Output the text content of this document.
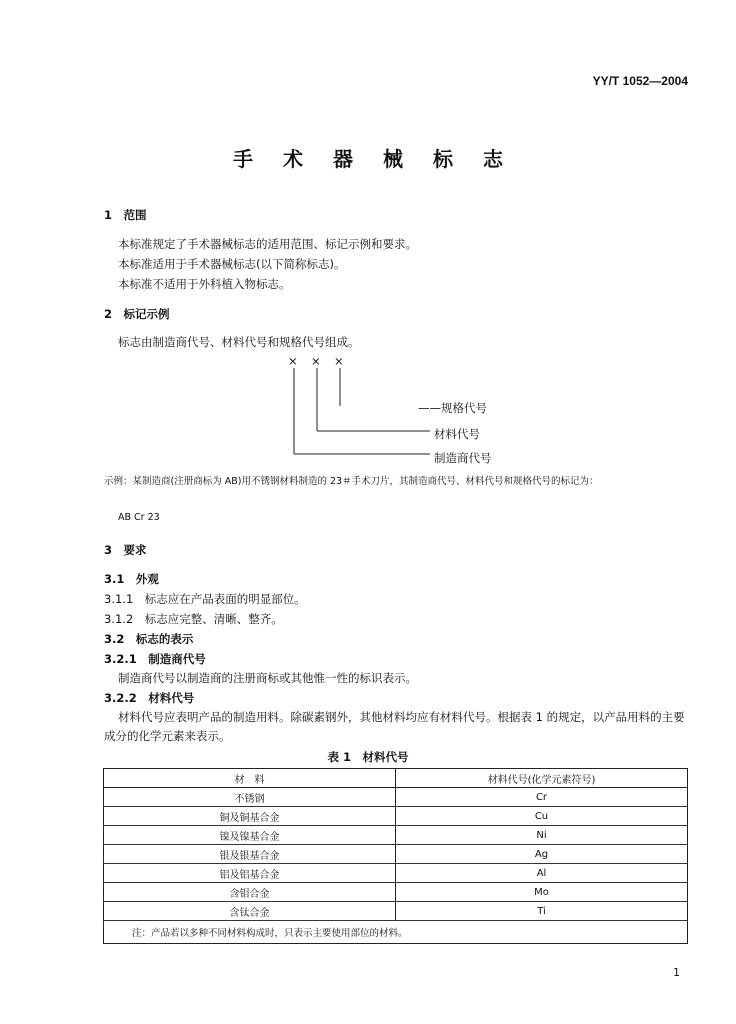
YY/T 1052—2004
手术器械标志
1　范围
本标准规定了手术器械标志的适用范围、标记示例和要求。
本标准适用于手术器械标志(以下简称标志)。
本标准不适用于外科植入物标志。
2　标记示例
标志由制造商代号、材料代号和规格代号组成。
× × ×
——规格代号
材料代号
制造商代号
示例：某制造商(注册商标为 AB)用不锈钢材料制造的 23＃手术刀片，其制造商代号、材料代号和规格代号的标记为：
AB Cr 23
3　要求
3.1　外观
3.1.1　标志应在产品表面的明显部位。
3.1.2　标志应完整、清晰、整齐。
3.2　标志的表示
3.2.1　制造商代号
制造商代号以制造商的注册商标或其他惟一性的标识表示。
3.2.2　材料代号
材料代号应表明产品的制造用料。除碳素钢外，其他材料均应有材料代号。根据表 1 的规定，以产品用料的主要成分的化学元素来表示。
表 1　材料代号
材　料	材料代号(化学元素符号)
不锈钢	Cr
铜及铜基合金	Cu
镍及镍基合金	Ni
银及银基合金	Ag
铝及铝基合金	Al
含钼合金	Mo
含钛合金	Ti
注：产品若以多种不同材料构成时，只表示主要使用部位的材料。	
1
